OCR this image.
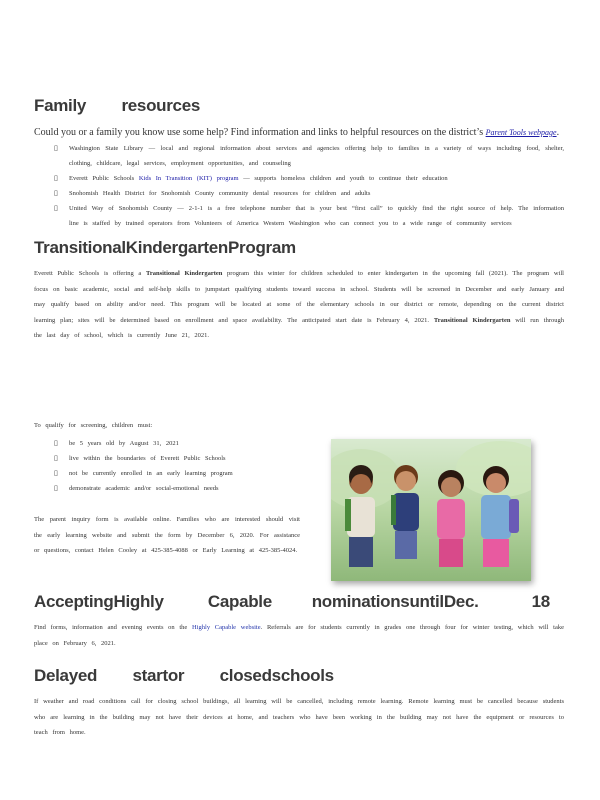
Family        resources

Could you or a family you know use some help? Find information and links to helpful resources on the district’s Parent Tools webpage.

▯ Washington State Library — local and regional information about services and agencies offering help to families in a variety of ways including food, shelter, clothing, childcare, legal services, employment opportunities, and counseling
▯ Everett Public Schools Kids In Transition (KIT) program — supports homeless children and youth to continue their education
▯ Snohomish Health District for Snohomish County community dental resources for children and adults
▯ United Way of Snohomish County — 2-1-1 is a free telephone number that is your best “first call” to quickly find the right source of help. The information line is staffed by trained operators from Volunteers of America Western Washington who can connect you to a wide range of community services
TransitionalKindergartenProgram

Everett Public Schools is offering a Transitional Kindergarten program this winter for children scheduled to enter kindergarten in the upcoming fall (2021). The program will focus on basic academic, social and self-help skills to jumpstart qualifying students toward success in school. Students will be screened in December and early January and may qualify based on ability and/or need. This program will be located at some of the elementary schools in our district or remote, depending on the current district learning plan; sites will be determined based on enrollment and space availability. The anticipated start date is February 4, 2021. Transitional Kindergarten will run through the last day of school, which is currently June 21, 2021.

To qualify for screening, children must:

▯ be 5 years old by August 31, 2021
▯ live within the boundaries of Everett Public Schools
▯ not be currently enrolled in an early learning program
▯ demonstrate academic and/or social-emotional needs

The parent inquiry form is available online. Families who are interested should visit the early learning website and submit the form by December 6, 2020. For assistance or questions, contact Helen Cooley at 425-385-4088 or Early Learning at 425-385-4024.

AcceptingHighly          Capable         nominationsuntilDec.            18

Find forms, information and evening events on the Highly Capable website. Referrals are for students currently in grades one through four for winter testing, which will take place on February 6, 2021.

Delayed        startor        closedschools

If weather and road conditions call for closing school buildings, all learning will be cancelled, including remote learning. Remote learning must be cancelled because students who are learning in the building may not have their devices at home, and teachers who have been working in the building may not have the equipment or resources to teach from home.
